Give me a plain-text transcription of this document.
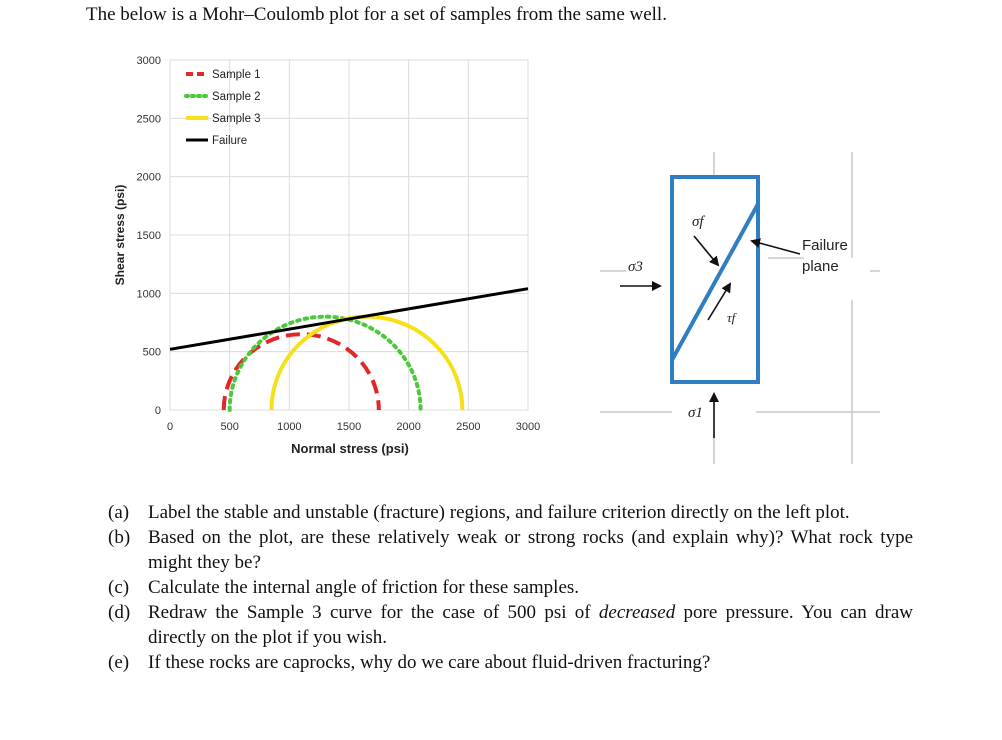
The below is a Mohr–Coulomb plot for a set of samples from the same well.
0	500	1000	1500	2000	2500	3000
0
500
1000
1500
2000
2500
3000
Sample 1
Sample 2
Sample 3
Failure
Normal stress (psi)
Shear stress (psi)	σf
σ3
τf
σ1
Failure
plane
(a) Label the stable and unstable (fracture) regions, and failure criterion directly on the left plot.
(b) Based on the plot, are these relatively weak or strong rocks (and explain why)? What rock type might they be?
(c) Calculate the internal angle of friction for these samples.
(d) Redraw the Sample 3 curve for the case of 500 psi of decreased pore pressure. You can draw directly on the plot if you wish.
(e) If these rocks are caprocks, why do we care about fluid-driven fracturing?
